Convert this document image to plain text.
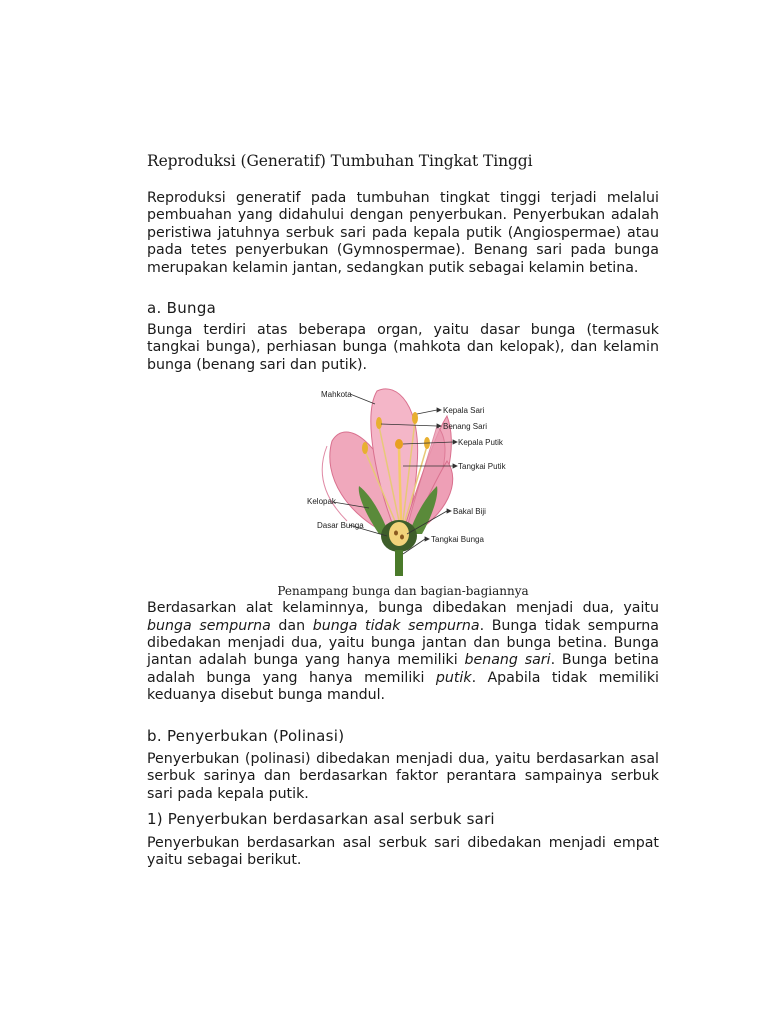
Reproduksi (Generatif) Tumbuhan Tingkat Tinggi

Reproduksi generatif pada tumbuhan tingkat tinggi terjadi melalui pembuahan yang didahului dengan penyerbukan. Penyerbukan adalah peristiwa jatuhnya serbuk sari pada kepala putik (Angiospermae) atau pada tetes penyerbukan (Gymnospermae). Benang sari pada bunga merupakan kelamin jantan, sedangkan putik sebagai kelamin betina.

a. Bunga

Bunga terdiri atas beberapa organ, yaitu dasar bunga (termasuk tangkai bunga), perhiasan bunga (mahkota dan kelopak), dan kelamin bunga (benang sari dan putik).

Mahkota
Kepala Sari
Benang Sari
Kepala Putik
Tangkai Putik
Kelopak
Bakal Biji
Dasar Bunga
Tangkai Bunga

Penampang bunga dan bagian-bagiannya

Berdasarkan alat kelaminnya, bunga dibedakan menjadi dua, yaitu bunga sempurna dan bunga tidak sempurna. Bunga tidak sempurna dibedakan menjadi dua, yaitu bunga jantan dan bunga betina. Bunga jantan adalah bunga yang hanya memiliki benang sari. Bunga betina adalah bunga yang hanya memiliki putik. Apabila tidak memiliki keduanya disebut bunga mandul.

b. Penyerbukan (Polinasi)

Penyerbukan (polinasi) dibedakan menjadi dua, yaitu berdasarkan asal serbuk sarinya dan berdasarkan faktor perantara sampainya serbuk sari pada kepala putik.

1) Penyerbukan berdasarkan asal serbuk sari

Penyerbukan berdasarkan asal serbuk sari dibedakan menjadi empat yaitu sebagai berikut.
